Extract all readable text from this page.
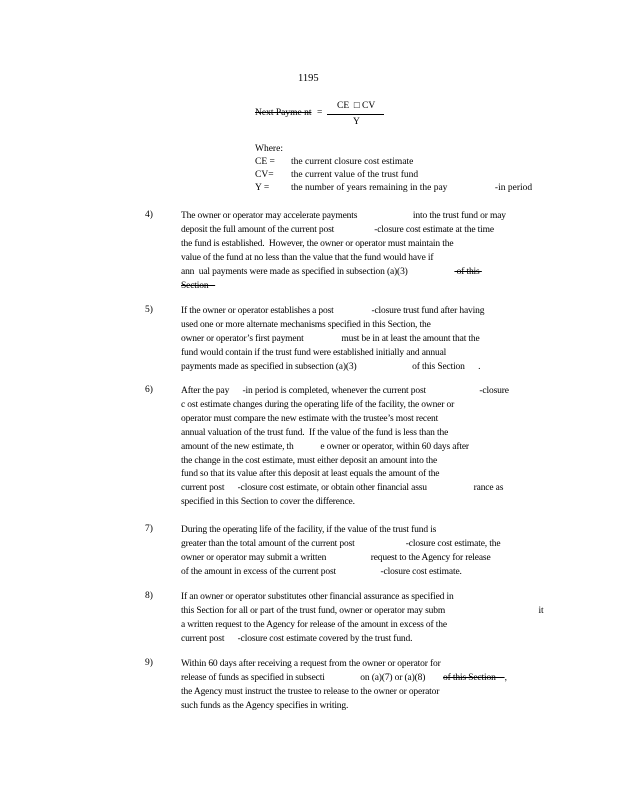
1195
Next Payme nt =
CE  □ CV
Y
Where:
CE = the current closure cost estimate
CV= the current value of the trust fund
Y = the number of years remaining in the pay                    -in period
4)	The owner or operator may accelerate payments                         into the trust fund or may
deposit the full amount of the current post                  -closure cost estimate at the time
the fund is established.  However, the owner or operator must maintain the
value of the fund at no less than the value that the fund would have if
ann  ual payments were made as specified in subsection (a)(3)                      of this
Section
5)	If the owner or operator establishes a post                 -closure trust fund after having
used one or more alternate mechanisms specified in this Section, the
owner or operator’s first payment                 must be in at least the amount that the
fund would contain if the trust fund were established initially and annual
payments made as specified in subsection (a)(3)                         of this Section      .
6)	After the pay      -in period is completed, whenever the current post                        -closure
c ost estimate changes during the operating life of the facility, the owner or
operator must compare the new estimate with the trustee’s most recent
annual valuation of the trust fund.  If the value of the fund is less than the
amount of the new estimate, th            e owner or operator, within 60 days after
the change in the cost estimate, must either deposit an amount into the
fund so that its value after this deposit at least equals the amount of the
current post      -closure cost estimate, or obtain other financial assu                     rance as
specified in this Section to cover the difference.
7)	During the operating life of the facility, if the value of the trust fund is
greater than the total amount of the current post                       -closure cost estimate, the
owner or operator may submit a written                    request to the Agency for release
of the amount in excess of the current post                    -closure cost estimate.
8)	If an owner or operator substitutes other financial assurance as specified in
this Section for all or part of the trust fund, owner or operator may subm                                          it
a written request to the Agency for release of the amount in excess of the
current post      -closure cost estimate covered by the trust fund.
9)	Within 60 days after receiving a request from the owner or operator for
release of funds as specified in subsecti                on (a)(7) or (a)(8)        of this Section    ,
the Agency must instruct the trustee to release to the owner or operator
such funds as the Agency specifies in writing.
